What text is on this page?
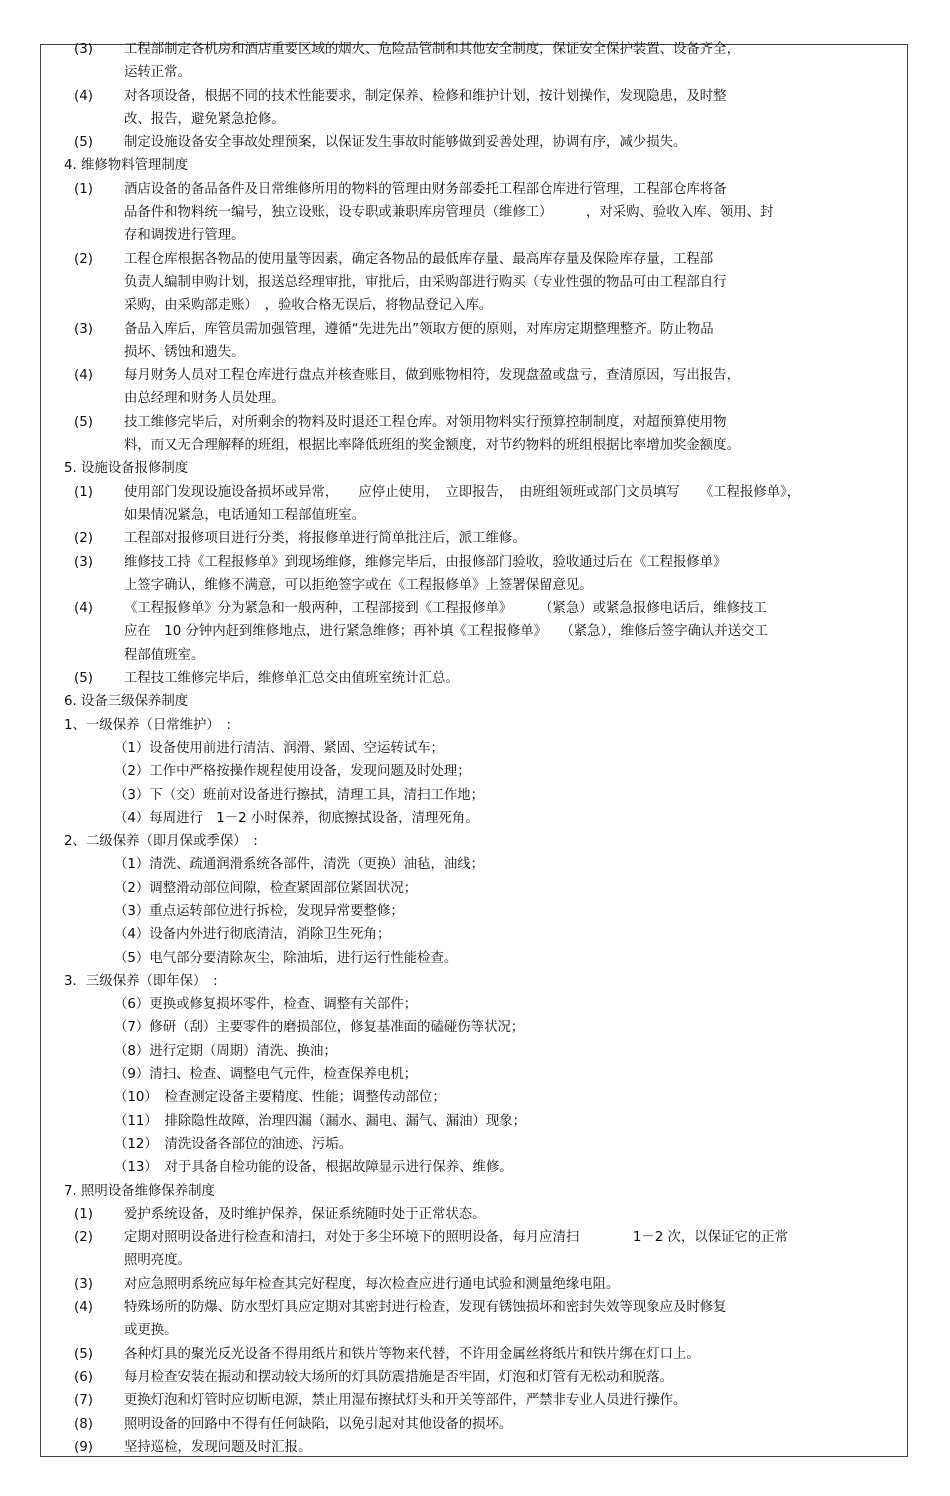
(3) 工程部制定各机房和酒店重要区域的烟火、危险品管制和其他安全制度，保证安全保护装置、设备齐全，

运转正常。
(4) 对各项设备，根据不同的技术性能要求，制定保养、检修和维护计划，按计划操作，发现隐患，及时整

改、报告，避免紧急抢修。
(5) 制定设施设备安全事故处理预案，以保证发生事故时能够做到妥善处理，协调有序，减少损失。

4. 维修物料管理制度
(1) 酒店设备的备品备件及日常维修所用的物料的管理由财务部委托工程部仓库进行管理，工程部仓库将备

品备件和物料统一编号，独立设账，设专职或兼职库房管理员（维修工）　　　，对采购、验收入库、领用、封
存和调拨进行管理。
(2) 工程仓库根据各物品的使用量等因素，确定各物品的最低库存量、最高库存量及保险库存量，工程部

负责人编制申购计划，报送总经理审批，审批后，由采购部进行购买（专业性强的物品可由工程部自行
采购，由采购部走账）　，验收合格无误后，将物品登记入库。
(3) 备品入库后，库管员需加强管理，遵循“先进先出”领取方便的原则，对库房定期整理整齐。防止物品

损坏、锈蚀和遗失。
(4) 每月财务人员对工程仓库进行盘点并核查账目，做到账物相符，发现盘盈或盘亏，查清原因，写出报告，

由总经理和财务人员处理。
(5) 技工维修完毕后，对所剩余的物料及时退还工程仓库。对领用物料实行预算控制制度，对超预算使用物

料，而又无合理解释的班组，根据比率降低班组的奖金额度，对节约物料的班组根据比率增加奖金额度。
5. 设施设备报修制度
(1) 使用部门发现设施设备损坏或异常，　　应停止使用，　立即报告，　由班组领班或部门文员填写　　《工程报修单》，

如果情况紧急，电话通知工程部值班室。
(2) 工程部对报修项目进行分类，将报修单进行简单批注后，派工维修。

(3) 维修技工持《工程报修单》到现场维修，维修完毕后，由报修部门验收，验收通过后在《工程报修单》

上签字确认，维修不满意，可以拒绝签字或在《工程报修单》上签署保留意见。
(4) 《工程报修单》分为紧急和一般两种，工程部接到《工程报修单》　　　（紧急）或紧急报修电话后，维修技工

应在　10 分钟内赶到维修地点，进行紧急维修；再补填《工程报修单》　　（紧急），维修后签字确认并送交工
程部值班室。
(5) 工程技工维修完毕后，维修单汇总交由值班室统计汇总。

6. 设备三级保养制度
1、一级保养（日常维护）　:
（1）设备使用前进行清洁、润滑、紧固、空运转试车；
（2）工作中严格按操作规程使用设备，发现问题及时处理；
（3）下（交）班前对设备进行擦拭，清理工具，清扫工作地；
（4）每周进行　1－2 小时保养，彻底擦拭设备，清理死角。
2、二级保养（即月保或季保）　:
（1）清洗、疏通润滑系统各部件，清洗（更换）油毡，油线；
（2）调整滑动部位间隙，检查紧固部位紧固状况；
（3）重点运转部位进行拆检，发现异常要整修；
（4）设备内外进行彻底清洁，消除卫生死角；
（5）电气部分要清除灰尘，除油垢，进行运行性能检查。
3．三级保养（即年保）　:
（6）更换或修复损坏零件，检查、调整有关部件；
（7）修研（刮）主要零件的磨损部位，修复基准面的磕碰伤等状况；
（8）进行定期（周期）清洗、换油；
（9）清扫、检查、调整电气元件，检查保养电机；
（10）　检查测定设备主要精度、性能；调整传动部位；
（11）　排除隐性故障，治理四漏（漏水、漏电、漏气、漏油）现象；
（12）　清洗设备各部位的油迹、污垢。
（13）　对于具备自检功能的设备，根据故障显示进行保养、维修。
7. 照明设备维修保养制度
(1) 爱护系统设备，及时维护保养，保证系统随时处于正常状态。

(2) 定期对照明设备进行检查和清扫，对处于多尘环境下的照明设备，每月应清扫　　　　1－2 次，以保证它的正常

照明亮度。
(3) 对应急照明系统应每年检查其完好程度，每次检查应进行通电试验和测量绝缘电阻。

(4) 特殊场所的防爆、防水型灯具应定期对其密封进行检查，发现有锈蚀损坏和密封失效等现象应及时修复

或更换。
(5) 各种灯具的聚光反光设备不得用纸片和铁片等物来代替，不许用金属丝将纸片和铁片绑在灯口上。

(6) 每月检查安装在振动和摆动较大场所的灯具防震措施是否牢固，灯泡和灯管有无松动和脱落。

(7) 更换灯泡和灯管时应切断电源，禁止用湿布擦拭灯头和开关等部件，严禁非专业人员进行操作。

(8) 照明设备的回路中不得有任何缺陷，以免引起对其他设备的损坏。

(9) 坚持巡检，发现问题及时汇报。
